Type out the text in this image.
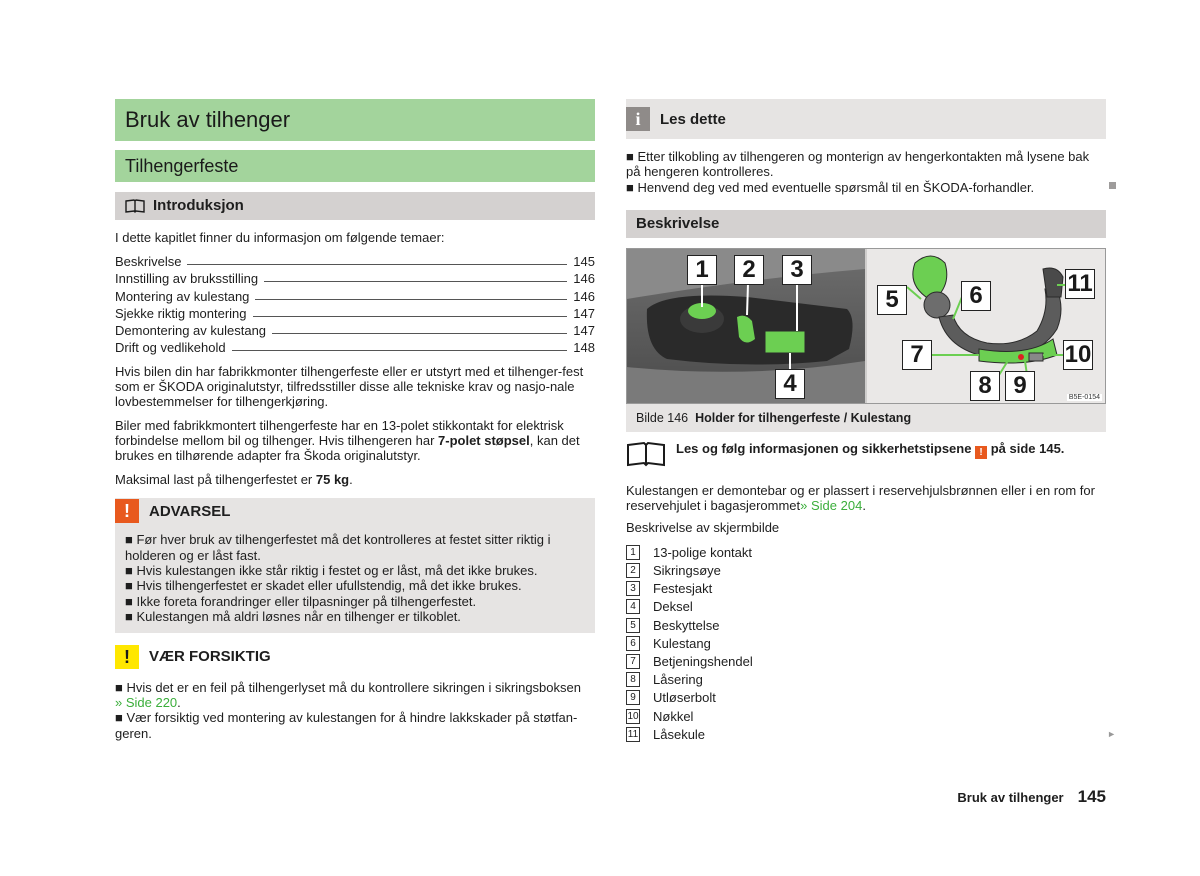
Bruk av tilhenger
Tilhengerfeste
Introduksjon

I dette kapitlet finner du informasjon om følgende temaer:

Beskrivelse	145
Innstilling av bruksstilling	146
Montering av kulestang	146
Sjekke riktig montering	147
Demontering av kulestang	147
Drift og vedlikehold	148

Hvis bilen din har fabrikkmonter tilhengerfeste eller er utstyrt med et tilhenger-fest som er ŠKODA originalutstyr, tilfredsstiller disse alle tekniske krav og nasjo-nale lovbestemmelser for tilhengerkjøring.

Biler med fabrikkmontert tilhengerfeste har en 13-polet stikkontakt for elektrisk forbindelse mellom bil og tilhenger. Hvis tilhengeren har 7-polet støpsel, kan det brukes en tilhørende adapter fra Škoda originalutstyr.

Maksimal last på tilhengerfestet er 75 kg.

!	ADVARSEL
■ Før hver bruk av tilhengerfestet må det kontrolleres at festet sitter riktig i holderen og er låst fast.
■ Hvis kulestangen ikke står riktig i festet og er låst, må det ikke brukes.
■ Hvis tilhengerfestet er skadet eller ufullstendig, må det ikke brukes.
■ Ikke foreta forandringer eller tilpasninger på tilhengerfestet.
■ Kulestangen må aldri løsnes når en tilhenger er tilkoblet.
!	VÆR FORSIKTIG
■ Hvis det er en feil på tilhengerlyset må du kontrollere sikringen i sikringsboksen
» Side 220.
■ Vær forsiktig ved montering av kulestangen for å hindre lakkskader på støtfan-geren.
i	Les dette
■ Etter tilkobling av tilhengeren og monterign av hengerkontakten må lysene bak på hengeren kontrolleres.
■ Henvend deg ved med eventuelle spørsmål til en ŠKODA-forhandler.
Beskrivelse
1	2	3
4
5	6
7
8 9
10
11
B5E-0154
Bilde 146 Holder for tilhengerfeste / Kulestang
Les og følg informasjonen og sikkerhetstipsene ! på side 145.

Kulestangen er demontebar og er plassert i reservehjulsbrønnen eller i en rom for reservehjulet i bagasjerommet» Side 204.

Beskrivelse av skjermbilde

1	13-polige kontakt
2	Sikringsøye
3	Festesjakt
4	Deksel
5	Beskyttelse
6	Kulestang
7	Betjeningshendel
8	Låsering
9	Utløserbolt
10 Nøkkel
11 Låsekule	►
Bruk av tilhenger 145
